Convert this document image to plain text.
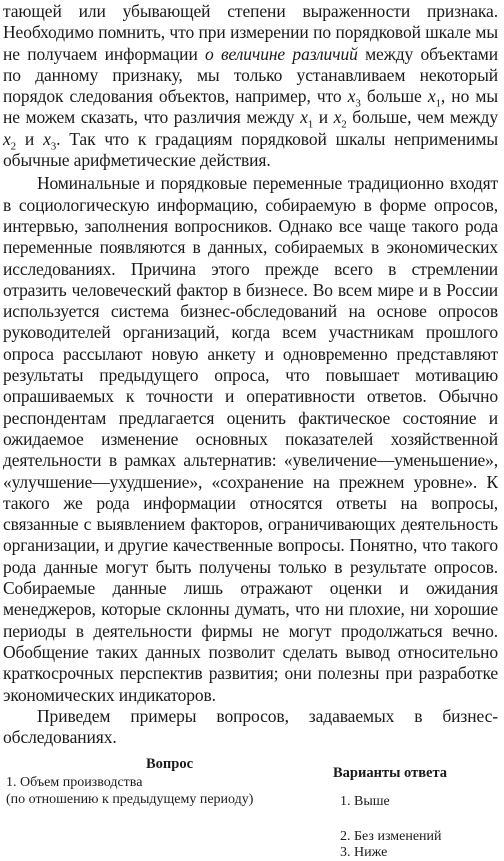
тающей или убывающей степени выраженности признака. Необходимо помнить, что при измерении по порядковой шкале мы не получаем информации о величине различий между объектами по данному признаку, мы только устанавливаем некоторый порядок следования объектов, например, что $x_3$ больше $x_1$, но мы не можем сказать, что различия между $x_1$ и $x_2$ больше, чем между $x_2$ и $x_3$. Так что к градациям порядковой шкалы неприменимы обычные арифметические действия.

Номинальные и порядковые переменные традиционно входят в социологическую информацию, собираемую в форме опросов, интервью, заполнения вопросников. Однако все чаще такого рода переменные появляются в данных, собираемых в экономических исследованиях. Причина этого прежде всего в стремлении отразить человеческий фактор в бизнесе. Во всем мире и в России используется система бизнес-обследований на основе опросов руководителей организаций, когда всем участникам прошлого опроса рассылают новую анкету и одновременно представляют результаты предыдущего опроса, что повышает мотивацию опрашиваемых к точности и оперативности ответов. Обычно респондентам предлагается оценить фактическое состояние и ожидаемое изменение основных показателей хозяйственной деятельности в рамках альтернатив: «увеличение—уменьшение», «улучшение—ухудшение», «сохранение на прежнем уровне». К такого же рода информации относятся ответы на вопросы, связанные с выявлением факторов, ограничивающих деятельность организации, и другие качественные вопросы. Понятно, что такого рода данные могут быть получены только в результате опросов. Собираемые данные лишь отражают оценки и ожидания менеджеров, которые склонны думать, что ни плохие, ни хорошие периоды в деятельности фирмы не могут продолжаться вечно. Обобщение таких данных позволит сделать вывод относительно краткосрочных перспектив развития; они полезны при разработке экономических индикаторов.

Приведем примеры вопросов, задаваемых в бизнес-обследованиях.

Вопрос
Варианты ответа
1. Объем производства
(по отношению к предыдущему периоду)	1. Выше
2. Без изменений
3. Ниже
